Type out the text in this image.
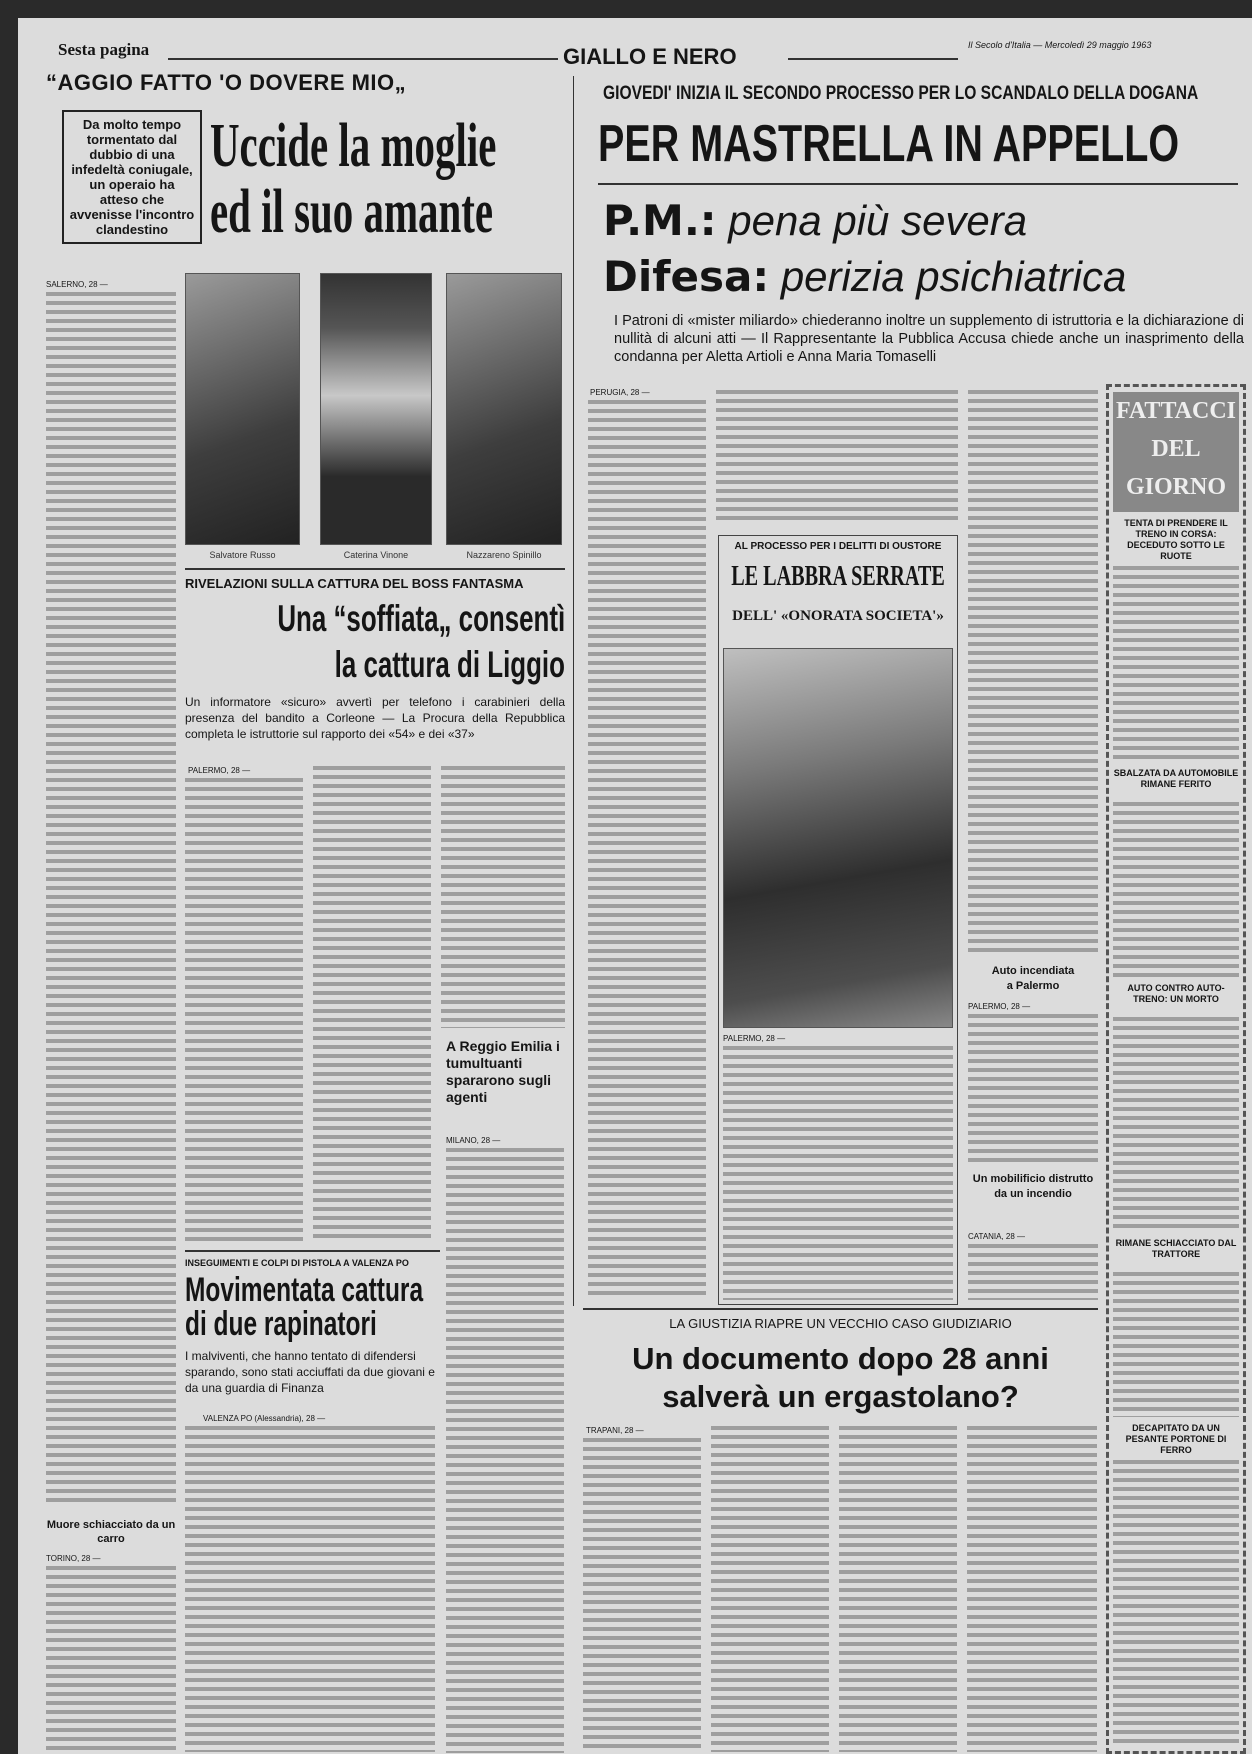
Sesta pagina	GIALLO E NERO	Il Secolo d'Italia — Mercoledì 29 maggio 1963
“AGGIO FATTO 'O DOVERE MIO„
Da molto tempo tormentato dal dubbio di una infedeltà coniugale, un operaio ha atteso che avvenisse l'incontro clandestino
Uccide la moglie
ed il suo amante
Salvatore Russo	Caterina Vinone	Nazzareno Spinillo
SALERNO, 28 —
RIVELAZIONI SULLA CATTURA DEL BOSS FANTASMA
Una “soffiata„ consentì
la cattura di Liggio
Un informatore «sicuro» avvertì per telefono i carabinieri della presenza del bandito a Corleone — La Procura della Repubblica completa le istruttorie sul rapporto dei «54» e dei «37»
PALERMO, 28 —
A Reggio Emilia i tumultuanti spararono sugli agenti
MILANO, 28 —
INSEGUIMENTI E COLPI DI PISTOLA A VALENZA PO
Movimentata cattura
di due rapinatori
I malviventi, che hanno tentato di difendersi sparando, sono stati acciuffati da due giovani e da una guardia di Finanza
VALENZA PO (Alessandria), 28 —
Muore schiacciato da un carro
TORINO, 28 —
GIOVEDI' INIZIA IL SECONDO PROCESSO PER LO SCANDALO DELLA DOGANA
PER MASTRELLA IN APPELLO
P.M.: pena più severa
Difesa: perizia psichiatrica
I Patroni di «mister miliardo» chiederanno inoltre un supplemento di istruttoria e la dichiarazione di nullità di alcuni atti — Il Rappresentante la Pubblica Accusa chiede anche un inasprimento della condanna per Aletta Artioli e Anna Maria Tomaselli
PERUGIA, 28 —
AL PROCESSO PER I DELITTI DI OUSTORE
LE LABBRA SERRATE
DELL' «ONORATA SOCIETA'»
PALERMO, 28 —
Auto incendiata
a Palermo
PALERMO, 28 —
Un mobilificio distrutto
da un incendio
CATANIA, 28 —
FATTACCI
DEL
GIORNO
TENTA DI PRENDERE IL TRENO IN CORSA: DECEDUTO SOTTO LE RUOTE
SBALZATA DA AUTOMOBILE RIMANE FERITO
AUTO CONTRO AUTO-TRENO: UN MORTO
RIMANE SCHIACCIATO DAL TRATTORE
DECAPITATO DA UN PESANTE PORTONE DI FERRO
LA GIUSTIZIA RIAPRE UN VECCHIO CASO GIUDIZIARIO
Un documento dopo 28 anni
salverà un ergastolano?
TRAPANI, 28 —
